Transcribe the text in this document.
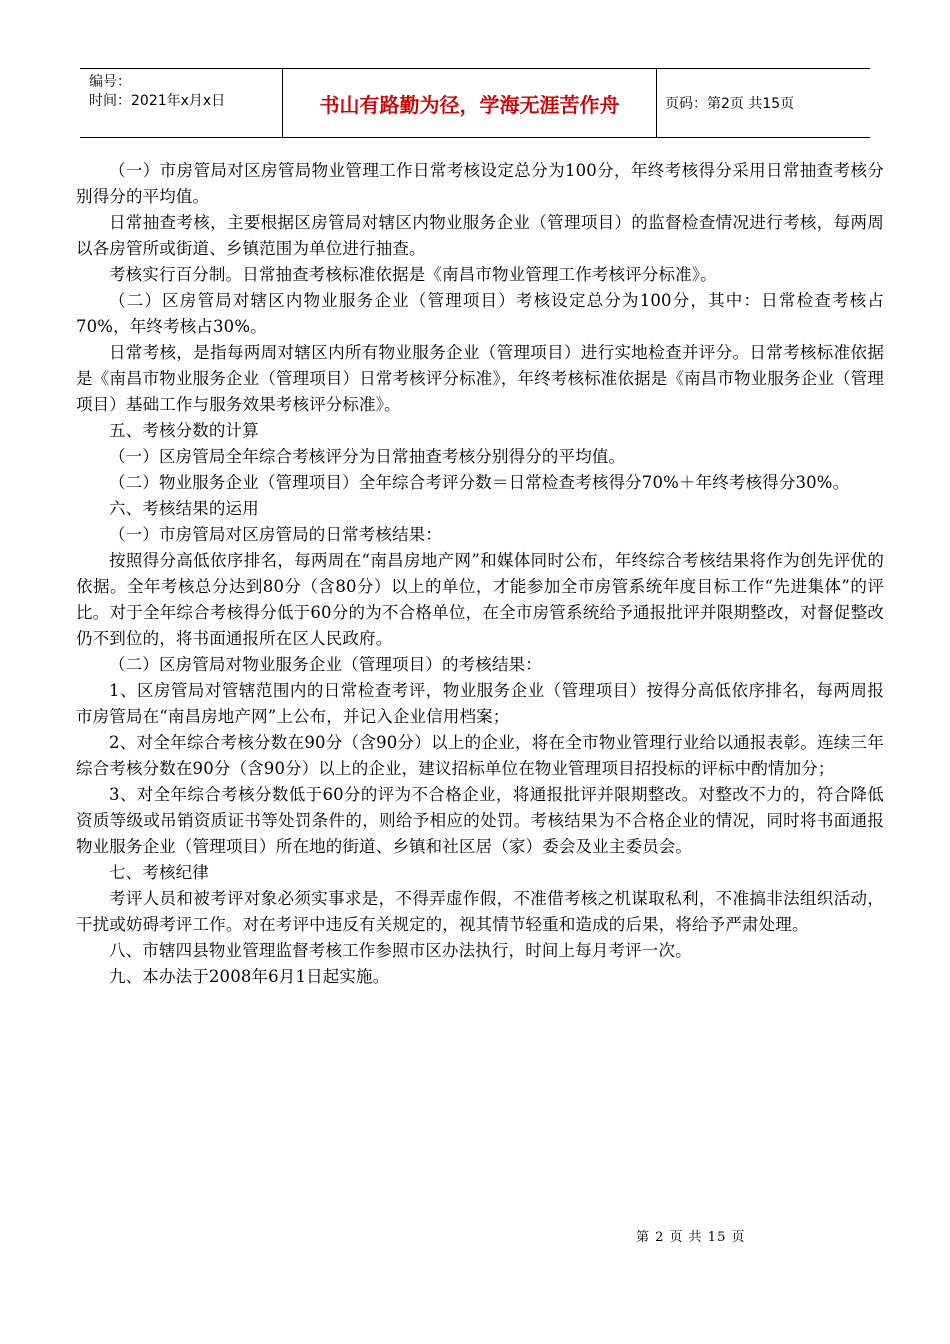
编号：
时间：2021年x月x日	书山有路勤为径，学海无涯苦作舟	页码：第2页 共15页

（一）市房管局对区房管局物业管理工作日常考核设定总分为100分，年终考核得分采用日常抽查考核分别得分的平均值。

日常抽查考核，主要根据区房管局对辖区内物业服务企业（管理项目）的监督检查情况进行考核，每两周以各房管所或街道、乡镇范围为单位进行抽查。

考核实行百分制。日常抽查考核标准依据是《南昌市物业管理工作考核评分标准》。

（二）区房管局对辖区内物业服务企业（管理项目）考核设定总分为100分，其中：日常检查考核占70%，年终考核占30%。

日常考核，是指每两周对辖区内所有物业服务企业（管理项目）进行实地检查并评分。日常考核标准依据是《南昌市物业服务企业（管理项目）日常考核评分标准》，年终考核标准依据是《南昌市物业服务企业（管理项目）基础工作与服务效果考核评分标准》。

五、考核分数的计算

（一）区房管局全年综合考核评分为日常抽查考核分别得分的平均值。

（二）物业服务企业（管理项目）全年综合考评分数＝日常检查考核得分70%＋年终考核得分30%。

六、考核结果的运用

（一）市房管局对区房管局的日常考核结果：

按照得分高低依序排名，每两周在“南昌房地产网”和媒体同时公布，年终综合考核结果将作为创先评优的依据。全年考核总分达到80分（含80分）以上的单位，才能参加全市房管系统年度目标工作“先进集体”的评比。对于全年综合考核得分低于60分的为不合格单位，在全市房管系统给予通报批评并限期整改，对督促整改仍不到位的，将书面通报所在区人民政府。

（二）区房管局对物业服务企业（管理项目）的考核结果：

1、区房管局对管辖范围内的日常检查考评，物业服务企业（管理项目）按得分高低依序排名，每两周报市房管局在“南昌房地产网”上公布，并记入企业信用档案；

2、对全年综合考核分数在90分（含90分）以上的企业，将在全市物业管理行业给以通报表彰。连续三年综合考核分数在90分（含90分）以上的企业，建议招标单位在物业管理项目招投标的评标中酌情加分；

3、对全年综合考核分数低于60分的评为不合格企业，将通报批评并限期整改。对整改不力的，符合降低资质等级或吊销资质证书等处罚条件的，则给予相应的处罚。考核结果为不合格企业的情况，同时将书面通报物业服务企业（管理项目）所在地的街道、乡镇和社区居（家）委会及业主委员会。

七、考核纪律

考评人员和被考评对象必须实事求是，不得弄虚作假，不准借考核之机谋取私利，不准搞非法组织活动，干扰或妨碍考评工作。对在考评中违反有关规定的，视其情节轻重和造成的后果，将给予严肃处理。

八、市辖四县物业管理监督考核工作参照市区办法执行，时间上每月考评一次。

九、本办法于2008年6月1日起实施。

第 2 页 共 15 页
